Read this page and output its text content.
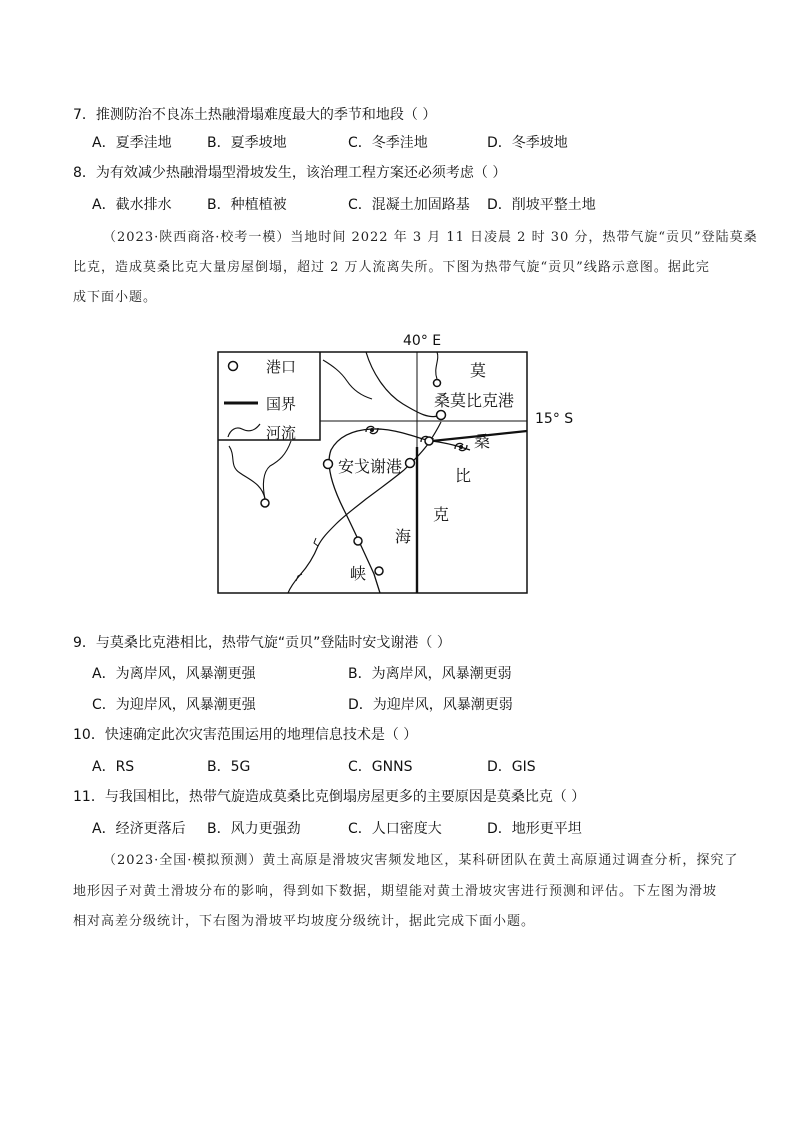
7．推测防治不良冻土热融滑塌难度最大的季节和地段（ ）
A．夏季洼地	B．夏季坡地	C．冬季洼地	D．冬季坡地
8．为有效减少热融滑塌型滑坡发生，该治理工程方案还必须考虑（ ）
A．截水排水	B．种植植被	C．混凝土加固路基 D．削坡平整土地
（2023·陕西商洛·校考一模）当地时间 2022 年 3 月 11 日凌晨 2 时 30 分，热带气旋“贡贝”登陆莫桑
比克，造成莫桑比克大量房屋倒塌，超过 2 万人流离失所。下图为热带气旋“贡贝”线路示意图。据此完
成下面小题。
40° E
15° S
港口
国界
河流
莫
桑莫比克港
桑
比
克
安戈谢港
海
峡
9．与莫桑比克港相比，热带气旋“贡贝”登陆时安戈谢港（ ）
A．为离岸风，风暴潮更强	B．为离岸风，风暴潮更弱
C．为迎岸风，风暴潮更强	D．为迎岸风，风暴潮更弱
10．快速确定此次灾害范围运用的地理信息技术是（ ）
A．RS	B．5G	C．GNNS	D．GIS
11．与我国相比，热带气旋造成莫桑比克倒塌房屋更多的主要原因是莫桑比克（ ）
A．经济更落后 B．风力更强劲	C．人口密度大	D．地形更平坦
（2023·全国·模拟预测）黄土高原是滑坡灾害频发地区，某科研团队在黄土高原通过调查分析，探究了
地形因子对黄土滑坡分布的影响，得到如下数据，期望能对黄土滑坡灾害进行预测和评估。下左图为滑坡
相对高差分级统计，下右图为滑坡平均坡度分级统计，据此完成下面小题。
